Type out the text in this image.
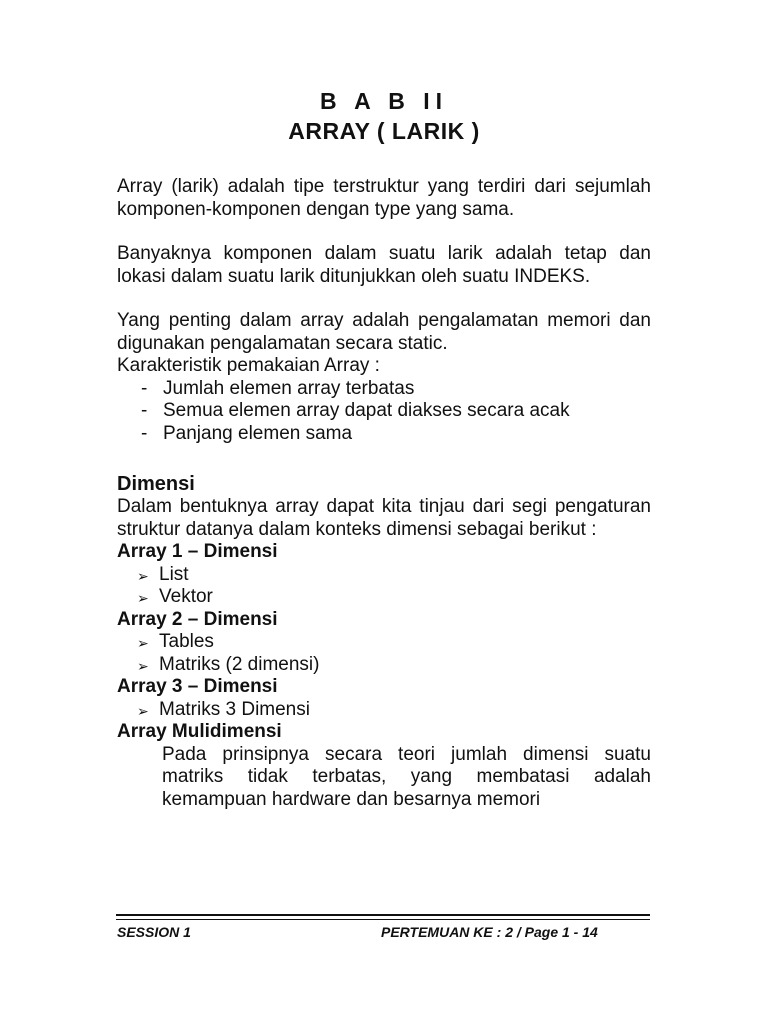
B A B II
ARRAY ( LARIK )

Array (larik) adalah tipe terstruktur yang terdiri dari sejumlah komponen-komponen dengan type yang sama.

Banyaknya komponen dalam suatu larik adalah tetap dan lokasi dalam suatu larik ditunjukkan oleh suatu INDEKS.

Yang penting dalam array adalah pengalamatan memori dan digunakan pengalamatan secara static.

Karakteristik pemakaian Array :

- Jumlah elemen array terbatas
- Semua elemen array dapat diakses secara acak
- Panjang elemen sama
Dimensi

Dalam bentuknya array dapat kita tinjau dari segi pengaturan struktur datanya dalam konteks dimensi sebagai berikut :

Array 1 – Dimensi
➢ List
➢ Vektor
Array 2 – Dimensi
➢ Tables
➢ Matriks (2 dimensi)
Array 3 – Dimensi
➢ Matriks 3 Dimensi
Array Mulidimensi

Pada prinsipnya secara teori jumlah dimensi suatu matriks tidak terbatas, yang membatasi adalah kemampuan hardware dan besarnya memori

SESSION 1	PERTEMUAN KE : 2 / Page 1 - 14
